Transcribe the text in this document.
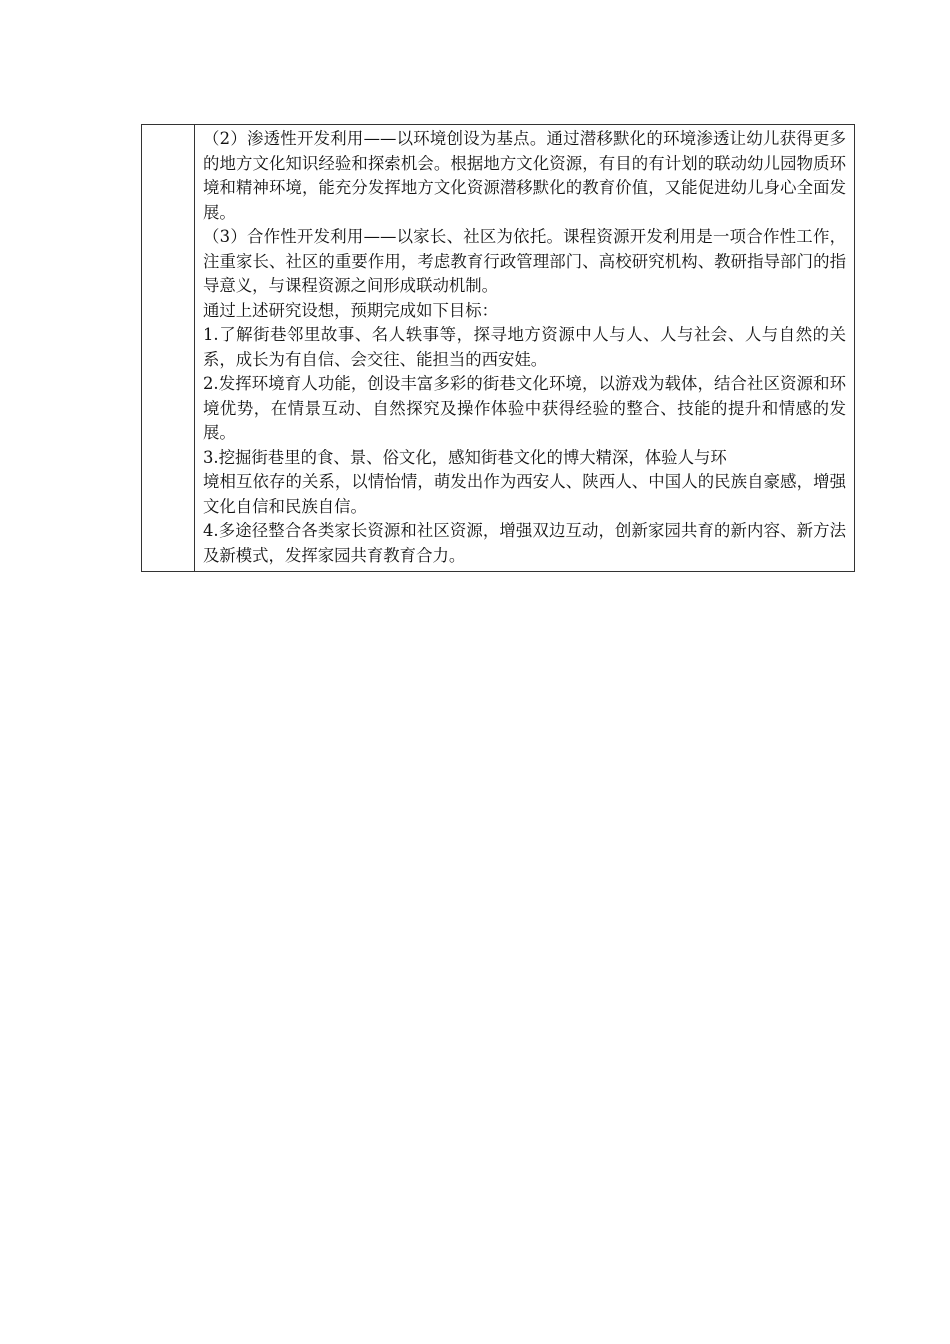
（2）渗透性开发利用——以环境创设为基点。通过潜移默化的环境渗透让幼儿获得更多的地方文化知识经验和探索机会。根据地方文化资源，有目的有计划的联动幼儿园物质环境和精神环境，能充分发挥地方文化资源潜移默化的教育价值，又能促进幼儿身心全面发展。

（3）合作性开发利用——以家长、社区为依托。课程资源开发利用是一项合作性工作，注重家长、社区的重要作用，考虑教育行政管理部门、高校研究机构、教研指导部门的指导意义，与课程资源之间形成联动机制。

通过上述研究设想，预期完成如下目标：

1.了解街巷邻里故事、名人轶事等，探寻地方资源中人与人、人与社会、人与自然的关系，成长为有自信、会交往、能担当的西安娃。

2.发挥环境育人功能，创设丰富多彩的街巷文化环境，以游戏为载体，结合社区资源和环境优势，在情景互动、自然探究及操作体验中获得经验的整合、技能的提升和情感的发展。

3.挖掘街巷里的食、景、俗文化，感知街巷文化的博大精深，体验人与环

境相互依存的关系，以情怡情，萌发出作为西安人、陕西人、中国人的民族自豪感，增强文化自信和民族自信。

4.多途径整合各类家长资源和社区资源，增强双边互动，创新家园共育的新内容、新方法及新模式，发挥家园共育教育合力。
